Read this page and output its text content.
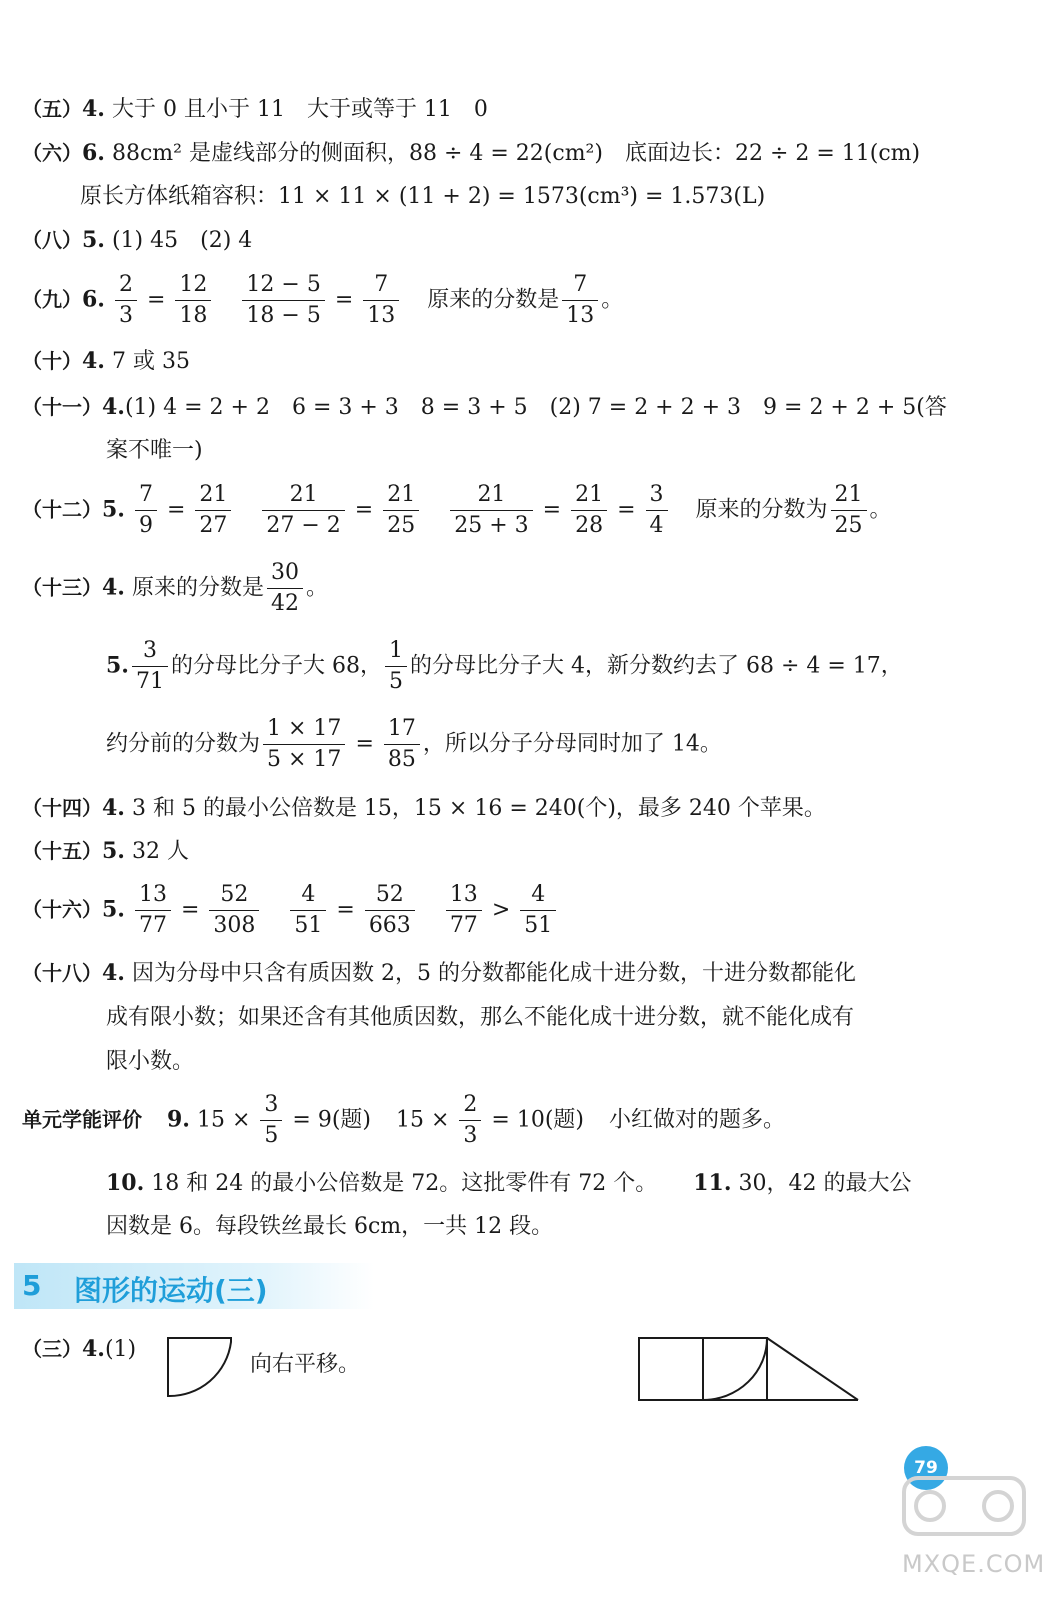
（五）4. 大于 0 且小于 11　大于或等于 11　0
（六）6. 88cm² 是虚线部分的侧面积，88 ÷ 4 = 22(cm²)　底面边长：22 ÷ 2 = 11(cm)
原长方体纸箱容积：11 × 11 × (11 + 2) = 1573(cm³) = 1.573(L)
（八）5. (1) 45　(2) 4
（九）6. $\frac{2}{3} = \frac{12}{18}$
$\frac{12 - 5}{18 - 5} = \frac{7}{13}$ 原来的分数是 $\frac{7}{13}$ 。
（十）4. 7 或 35
（十一）4.(1) 4 = 2 + 2　6 = 3 + 3　8 = 3 + 5　(2) 7 = 2 + 2 + 3　9 = 2 + 2 + 5(答
案不唯一)
（十二）5. $\frac{7}{9} = \frac{21}{27}$
$\frac{21}{27 - 2} = \frac{21}{25}$
$\frac{21}{25 + 3} = \frac{21}{28} = \frac{3}{4}$ 原来的分数为 $\frac{21}{25}$ 。
（十三）4. 原来的分数是 $\frac{30}{42}$ 。
5. $\frac{3}{71}$ 的分母比分子大 68， $\frac{1}{5}$ 的分母比分子大 4，新分数约去了 68 ÷ 4 = 17，
约分前的分数为 $\frac{1 \times 17}{5 \times 17} = \frac{17}{85}$ ，所以分子分母同时加了 14。
（十四）4. 3 和 5 的最小公倍数是 15，15 × 16 = 240(个)，最多 240 个苹果。
（十五）5. 32 人
（十六）5. $\frac{13}{77} = \frac{52}{308}$
$\frac{4}{51} = \frac{52}{663}$
$\frac{13}{77} > \frac{4}{51}$
（十八）4. 因为分母中只含有质因数 2，5 的分数都能化成十进分数，十进分数都能化
成有限小数；如果还含有其他质因数，那么不能化成十进分数，就不能化成有
限小数。
单元学能评价 9. $15 \times \frac{3}{5} = 9$(题) $15 \times \frac{2}{3} = 10$(题) 小红做对的题多。
10. 18 和 24 的最小公倍数是 72。这批零件有 72 个。 11. 30，42 的最大公
因数是 6。每段铁丝最长 6cm，一共 12 段。
5 图形的运动(三)
（三）4.(1)
向右平移。
79
MXQE.COM
